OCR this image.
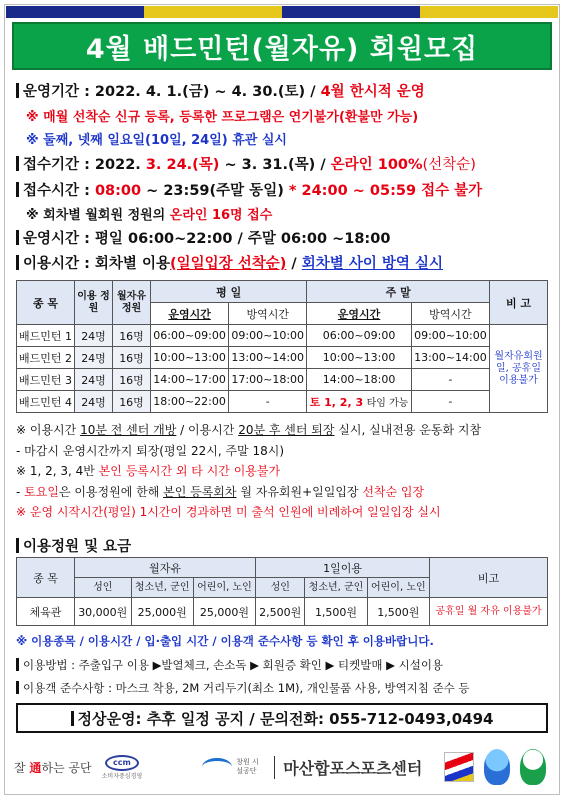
4월 배드민턴(월자유) 회원모집
운영기간 : 2022. 4. 1.(금) ~ 4. 30.(토) / 4월 한시적 운영
※ 매월 선착순 신규 등록, 등록한 프로그램은 연기불가(환불만 가능)
※ 둘째, 넷째 일요일(10일, 24일) 휴관 실시
접수기간 : 2022. 3. 24.(목) ~ 3. 31.(목) / 온라인 100%(선착순)
접수시간 : 08:00 ~ 23:59(주말 동일) * 24:00 ~ 05:59 접수 불가
※ 회차별 월회원 정원의 온라인 16명 접수
운영시간 : 평일 06:00~22:00 / 주말 06:00 ~18:00
이용시간 : 회차별 이용(일일입장 선착순) / 회차별 사이 방역 실시
종 목	이용 정원	월자유 정원	평 일		주 말		비 고
			운영시간	방역시간	운영시간	방역시간	
배드민턴 1	24명	16명	06:00~09:00	09:00~10:00	06:00~09:00	09:00~10:00	월자유회원 일, 공휴일 이용불가
배드민턴 2	24명	16명	10:00~13:00	13:00~14:00	10:00~13:00	13:00~14:00	
배드민턴 3	24명	16명	14:00~17:00	17:00~18:00	14:00~18:00	-	
배드민턴 4	24명	16명	18:00~22:00	-	토 1, 2, 3 타임 가능	-	
※ 이용시간 10분 전 센터 개방 / 이용시간 20분 후 센터 퇴장 실시, 실내전용 운동화 지참
- 마감시 운영시간까지 퇴장(평일 22시, 주말 18시)
※ 1, 2, 3, 4반 본인 등록시간 외 타 시간 이용불가
- 토요일은 이용정원에 한해 본인 등록회차 월 자유회원+일일입장 선착순 입장
※ 운영 시작시간(평일) 1시간이 경과하면 미 출석 인원에 비례하여 일일입장 실시
이용정원 및 요금
종 목	월자유			1일이용			비고
	성인	청소년, 군인	어린이, 노인	성인	청소년, 군인	어린이, 노인	
체육관	30,000원	25,000원	25,000원	2,500원	1,500원	1,500원	공휴일 월 자유 이용불가
※ 이용종목 / 이용시간 / 입·출입 시간 / 이용객 준수사항 등 확인 후 이용바랍니다.
이용방법 : 주출입구 이용 ▶발열체크, 손소독 ▶ 회원증 확인 ▶ 티켓발매 ▶ 시설이용
이용객 준수사항 : 마스크 착용, 2M 거리두기(최소 1M), 개인물품 사용, 방역지침 준수 등
정상운영: 추후 일정 공지 / 문의전화: 055-712-0493,0494
잘 通하는 공단	ccm
소비자중심경영
창원 시설공단	마산합포스포츠센터
